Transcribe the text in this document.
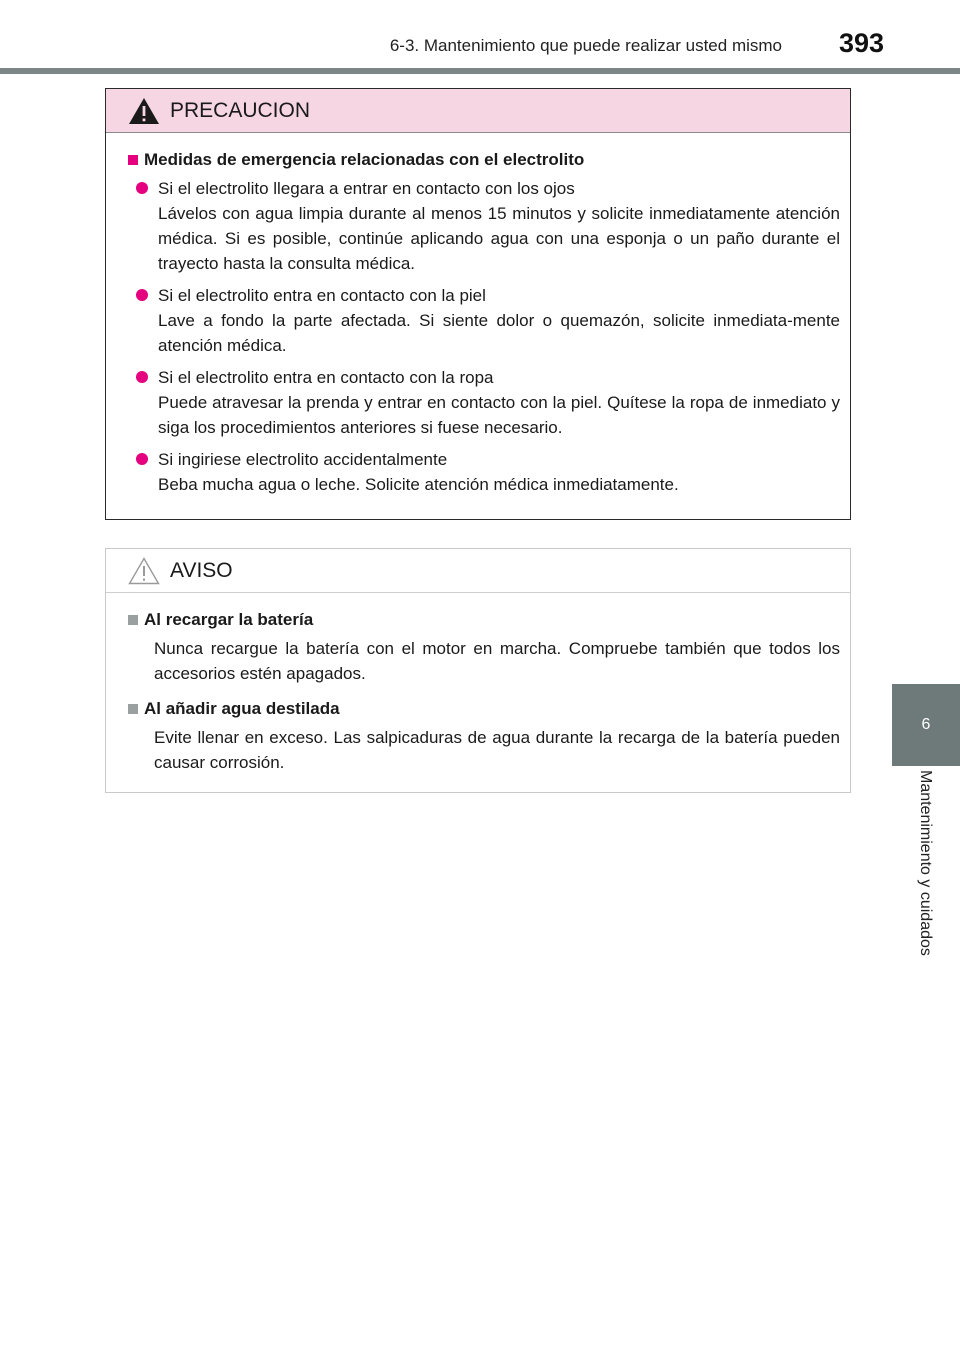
6-3. Mantenimiento que puede realizar usted mismo 393
6
Mantenimiento y cuidados
PRECAUCION
Medidas de emergencia relacionadas con el electrolito
Si el electrolito llegara a entrar en contacto con los ojos
Lávelos con agua limpia durante al menos 15 minutos y solicite inmediatamente atención médica. Si es posible, continúe aplicando agua con una esponja o un paño durante el trayecto hasta la consulta médica.
Si el electrolito entra en contacto con la piel
Lave a fondo la parte afectada. Si siente dolor o quemazón, solicite inmediata-mente atención médica.
Si el electrolito entra en contacto con la ropa
Puede atravesar la prenda y entrar en contacto con la piel. Quítese la ropa de inmediato y siga los procedimientos anteriores si fuese necesario.
Si ingiriese electrolito accidentalmente
Beba mucha agua o leche. Solicite atención médica inmediatamente.
AVISO
Al recargar la batería
Nunca recargue la batería con el motor en marcha. Compruebe también que todos los accesorios estén apagados.
Al añadir agua destilada
Evite llenar en exceso. Las salpicaduras de agua durante la recarga de la batería pueden causar corrosión.
